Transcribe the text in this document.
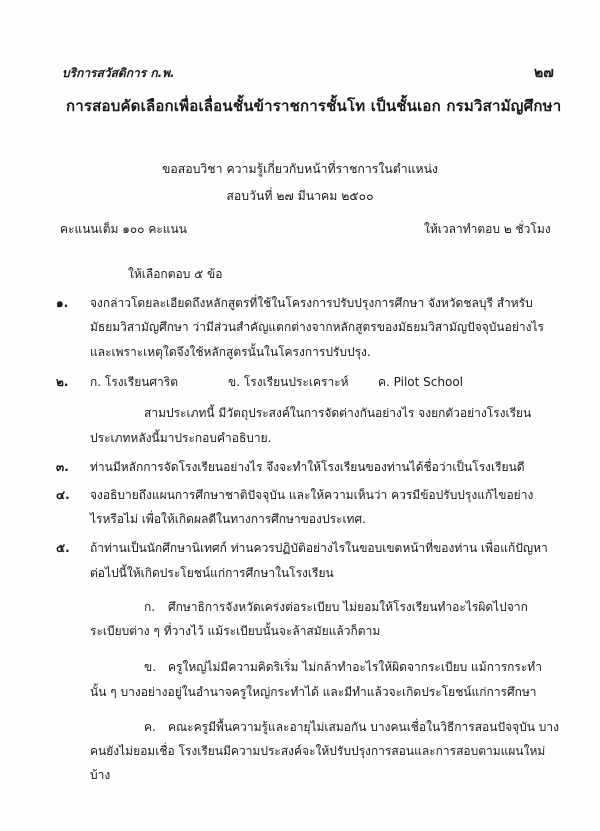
บริการสวัสดิการ ก.พ.	๒๗
การสอบคัดเลือกเพื่อเลื่อนชั้นข้าราชการชั้นโท เป็นชั้นเอก กรมวิสามัญศึกษา
ขอสอบวิชา ความรู้เกี่ยวกับหน้าที่ราชการในตำแหน่ง
สอบวันที่ ๒๗ มีนาคม ๒๕๐๐
คะแนนเต็ม ๑๐๐ คะแนน	ให้เวลาทำตอบ ๒ ชั่วโมง
ให้เลือกตอบ ๕ ข้อ
๑. จงกล่าวโดยละเอียดถึงหลักสูตรที่ใช้ในโครงการปรับปรุงการศึกษา จังหวัดชลบุรี สำหรับ
มัธยมวิสามัญศึกษา ว่ามีส่วนสำคัญแตกต่างจากหลักสูตรของมัธยมวิสามัญปัจจุบันอย่างไร
และเพราะเหตุใดจึงใช้หลักสูตรนั้นในโครงการปรับปรุง.
๒. ก. โรงเรียนศาริต	ข. โรงเรียนประเคราะห์ ค. Pilot School
สามประเภทนี้ มีวัตถุประสงค์ในการจัดต่างกันอย่างไร จงยกตัวอย่างโรงเรียน
ประเภทหลังนี้มาประกอบคำอธิบาย.
๓. ท่านมีหลักการจัดโรงเรียนอย่างไร จึงจะทำให้โรงเรียนของท่านได้ชื่อว่าเป็นโรงเรียนดี
๔. จงอธิบายถึงแผนการศึกษาชาติปัจจุบัน และให้ความเห็นว่า ควรมีข้อปรับปรุงแก้ไขอย่าง
ไรหรือไม่ เพื่อให้เกิดผลดีในทางการศึกษาของประเทศ.
๕. ถ้าท่านเป็นนักศึกษานิเทศก์ ท่านควรปฏิบัติอย่างไรในขอบเขตหน้าที่ของท่าน เพื่อแก้ปัญหา
ต่อไปนี้ให้เกิดประโยชน์แก่การศึกษาในโรงเรียน
ก. ศึกษาธิการจังหวัดเคร่งต่อระเบียบ ไม่ยอมให้โรงเรียนทำอะไรผิดไปจาก
ระเบียบต่าง ๆ ที่วางไว้ แม้ระเบียบนั้นจะล้าสมัยแล้วก็ตาม
ข. ครูใหญ่ไม่มีความคิดริเริ่ม ไม่กล้าทำอะไรให้ผิดจากระเบียบ แม้การกระทำ
นั้น ๆ บางอย่างอยู่ในอำนาจครูใหญ่กระทำได้ และมีทำแล้วจะเกิดประโยชน์แก่การศึกษา
ค. คณะครูมีพื้นความรู้และอายุไม่เสมอกัน บางคนเชื่อในวิธีการสอนปัจจุบัน บาง
คนยังไม่ยอมเชื่อ โรงเรียนมีความประสงค์จะให้ปรับปรุงการสอนและการสอบตามแผนใหม่
บ้าง
